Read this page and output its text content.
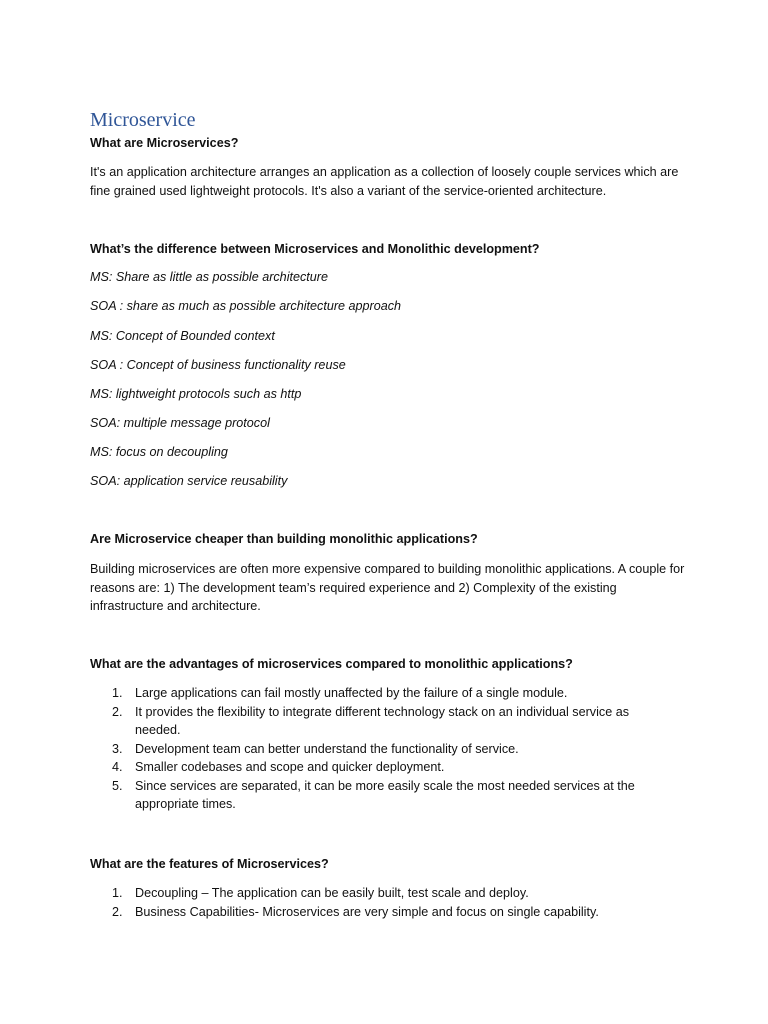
Microservice
What are Microservices?
It's an application architecture arranges an application as a collection of loosely couple services which are fine grained used lightweight protocols. It's also a variant of the service-oriented architecture.
What’s the difference between Microservices and Monolithic development?
MS: Share as little as possible architecture
SOA : share as much as possible architecture approach
MS: Concept of Bounded context
SOA : Concept of business functionality reuse
MS: lightweight protocols such as http
SOA: multiple message protocol
MS: focus on decoupling
SOA: application service reusability
Are Microservice cheaper than building monolithic applications?
Building microservices are often more expensive compared to building monolithic applications. A couple for reasons are: 1) The development team’s required experience and 2) Complexity of the existing infrastructure and architecture.
What are the advantages of microservices compared to monolithic applications?
1. Large applications can fail mostly unaffected by the failure of a single module.
2. It provides the flexibility to integrate different technology stack on an individual service as needed.
3. Development team can better understand the functionality of service.
4. Smaller codebases and scope and quicker deployment.
5. Since services are separated, it can be more easily scale the most needed services at the appropriate times.
What are the features of Microservices?
1. Decoupling – The application can be easily built, test scale and deploy.
2. Business Capabilities- Microservices are very simple and focus on single capability.
